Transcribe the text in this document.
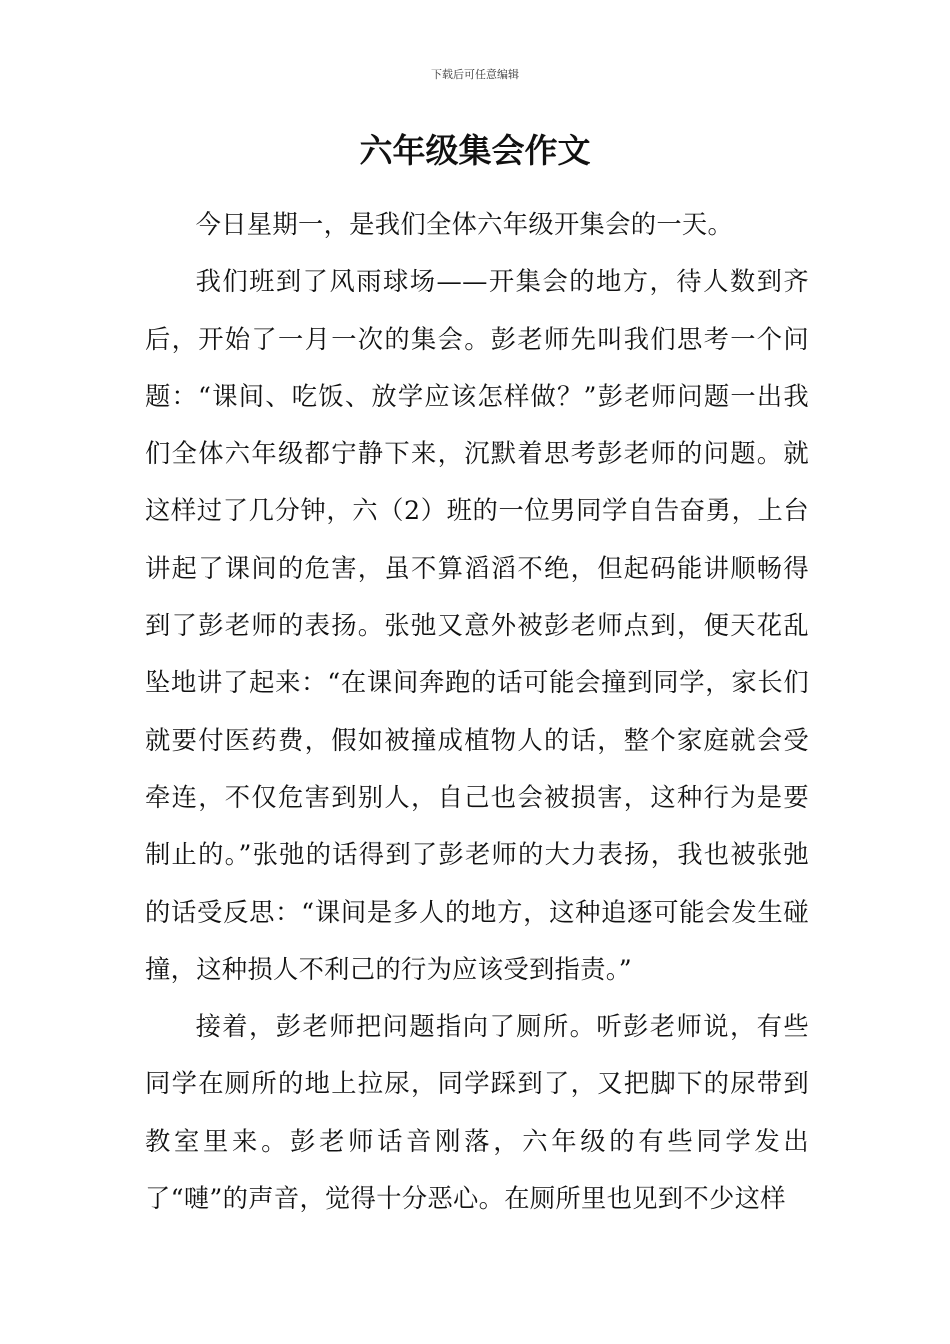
下载后可任意编辑
六年级集会作文

今日星期一，是我们全体六年级开集会的一天。

我们班到了风雨球场——开集会的地方，待人数到齐后，开始了一月一次的集会。彭老师先叫我们思考一个问题：“课间、吃饭、放学应该怎样做？”彭老师问题一出我们全体六年级都宁静下来，沉默着思考彭老师的问题。就这样过了几分钟，六（2）班的一位男同学自告奋勇，上台讲起了课间的危害，虽不算滔滔不绝，但起码能讲顺畅得到了彭老师的表扬。张弛又意外被彭老师点到，便天花乱坠地讲了起来：“在课间奔跑的话可能会撞到同学，家长们就要付医药费，假如被撞成植物人的话，整个家庭就会受牵连，不仅危害到别人，自己也会被损害，这种行为是要制止的。”张弛的话得到了彭老师的大力表扬，我也被张弛的话受反思：“课间是多人的地方，这种追逐可能会发生碰撞，这种损人不利己的行为应该受到指责。”

接着，彭老师把问题指向了厕所。听彭老师说，有些同学在厕所的地上拉尿，同学踩到了，又把脚下的尿带到教室里来。彭老师话音刚落，六年级的有些同学发出了“嗹”的声音，觉得十分恶心。在厕所里也见到不少这样
